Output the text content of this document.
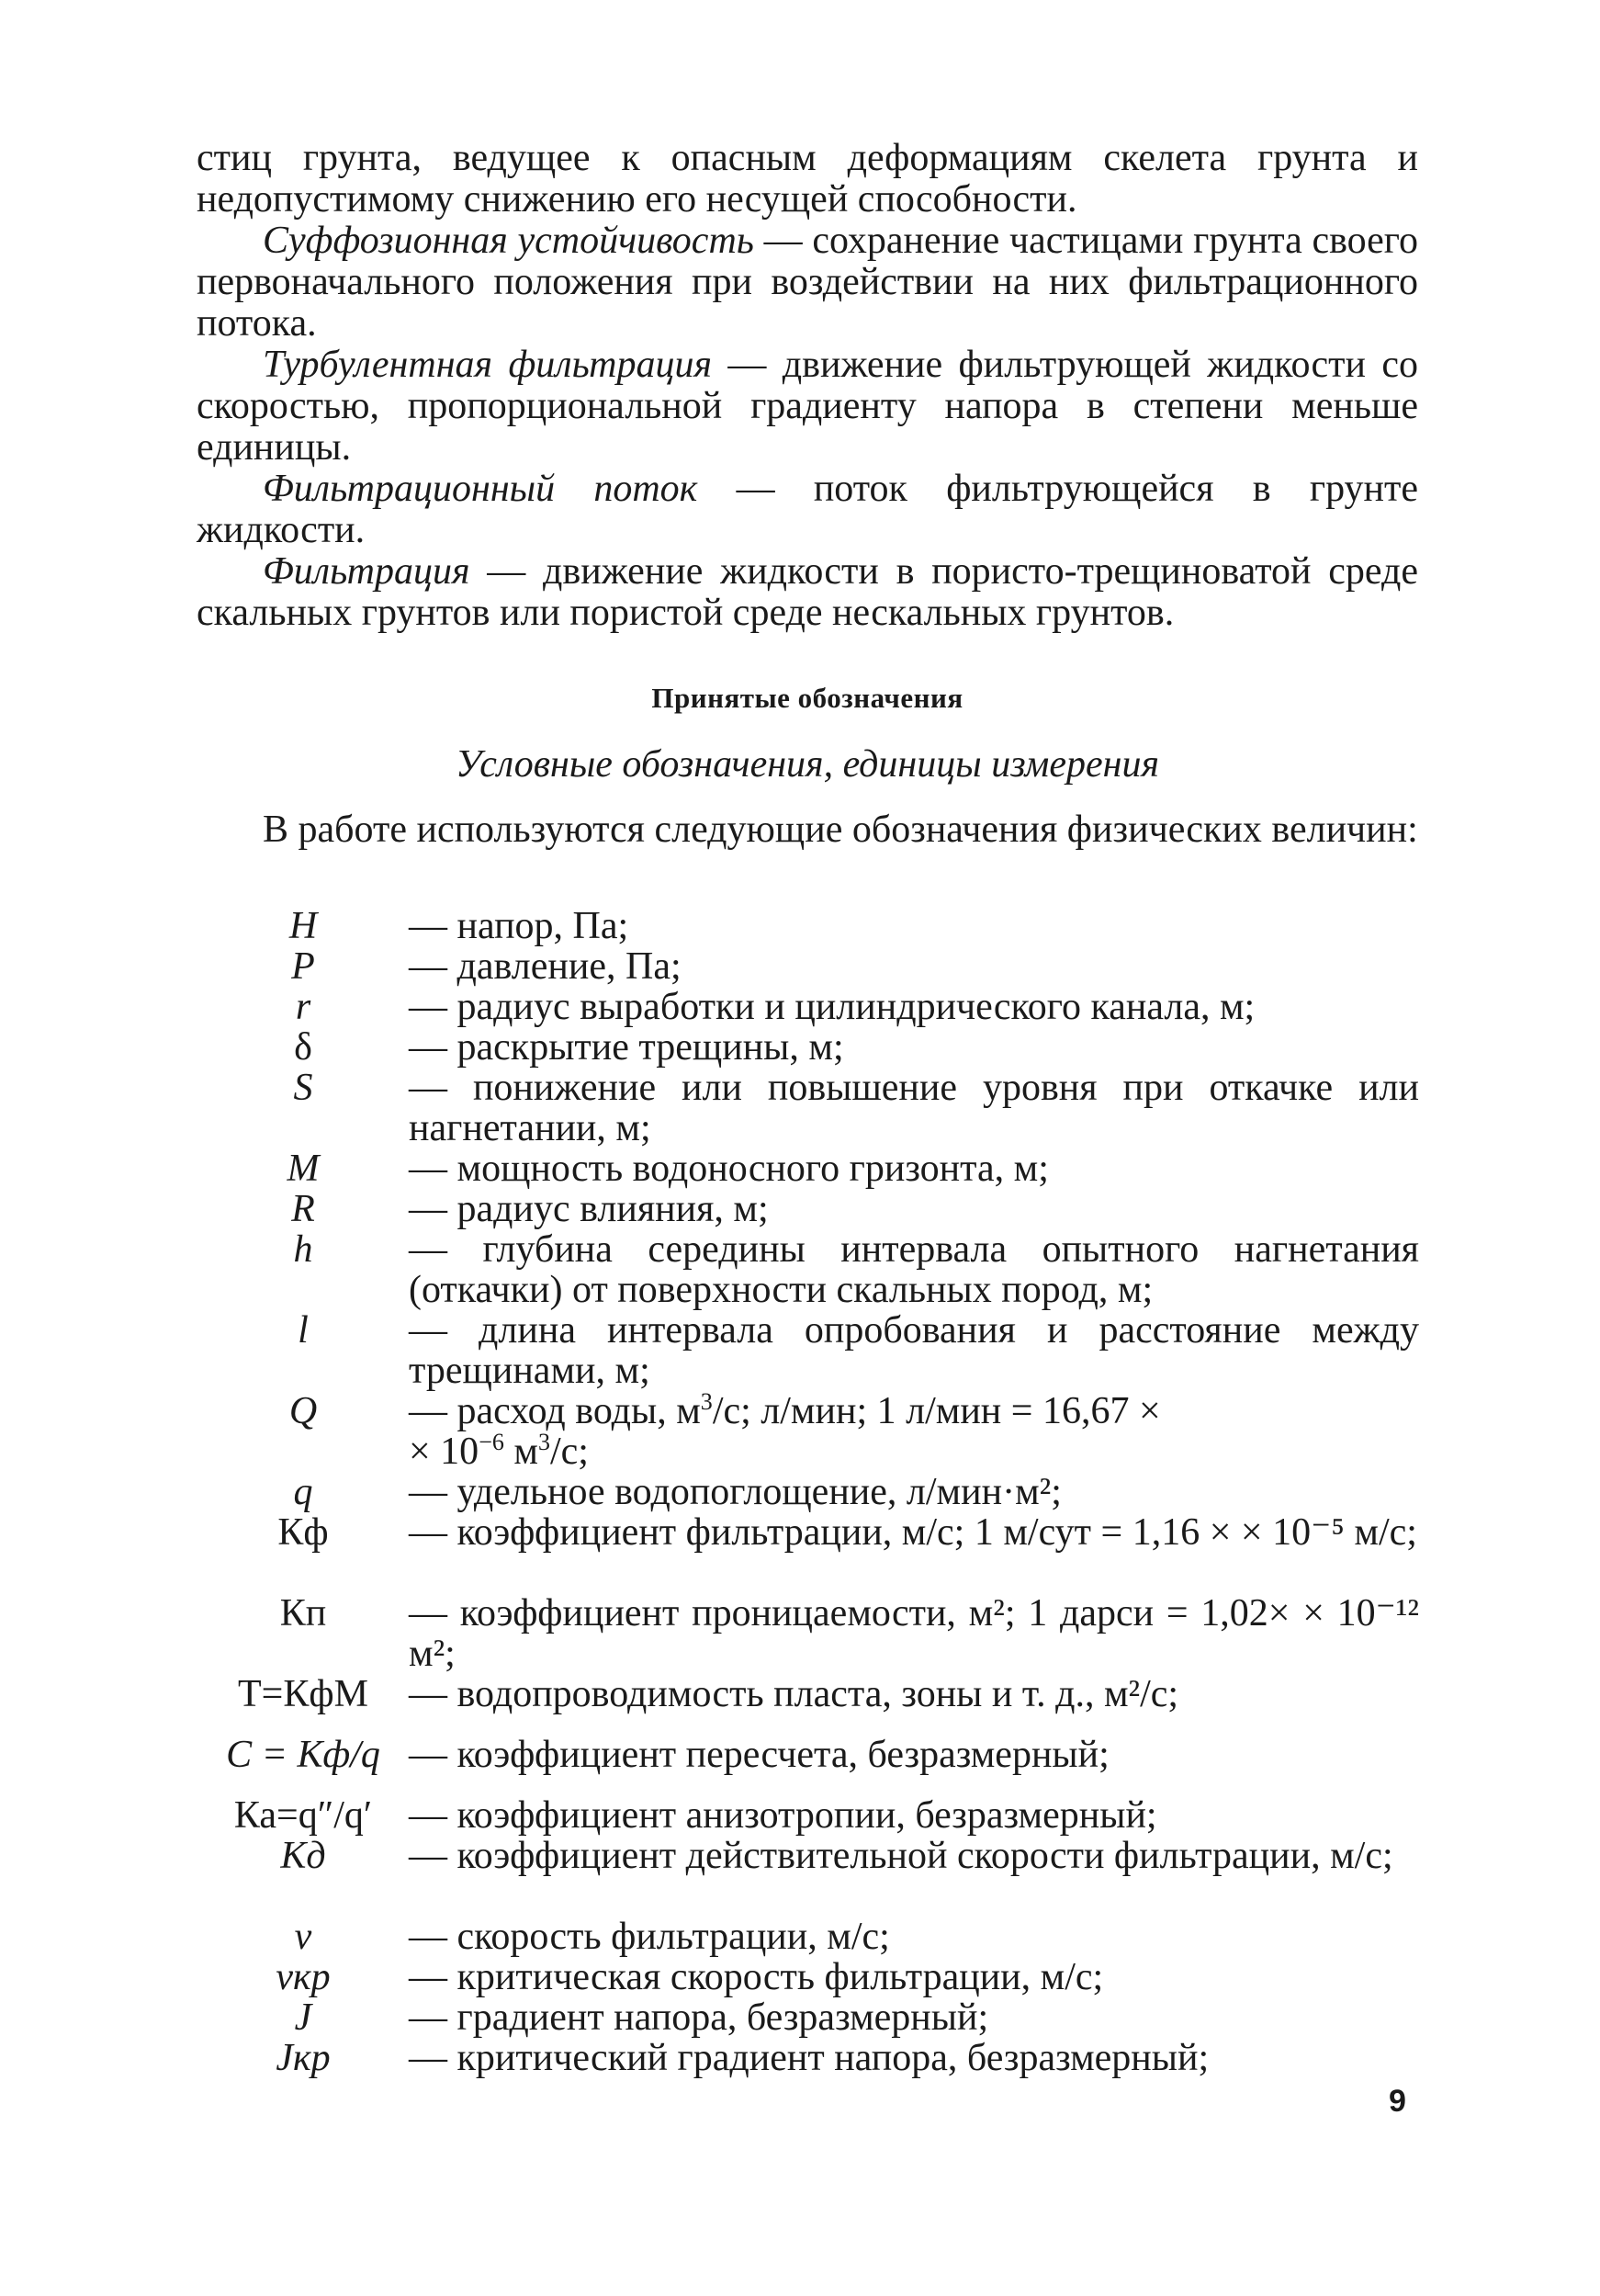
стиц грунта, ведущее к опасным деформациям скелета грунта и недопустимому снижению его несущей способности.

Суффозионная устойчивость — сохранение частицами грунта своего первоначального положения при воздействии на них фильтрационного потока.

Турбулентная фильтрация — движение фильтрующей жидкости со скоростью, пропорциональной градиенту напора в степени меньше единицы.

Фильтрационный поток — поток фильтрующейся в грунте жидкости.

Фильтрация — движение жидкости в пористо-трещиноватой среде скальных грунтов или пористой среде нескальных грунтов.

Принятые обозначения
Условные обозначения, единицы измерения

В работе используются следующие обозначения физических величин:

H	— напор, Па;
P	— давление, Па;
r	— радиус выработки и цилиндрического канала, м;
δ	— раскрытие трещины, м;
S	— понижение или повышение уровня при откачке или нагнетании, м;
M	— мощность водоносного гризонта, м;
R	— радиус влияния, м;
h	— глубина середины интервала опытного нагнетания (откачки) от поверхности скальных пород, м;
l	— длина интервала опробования и расстояние между трещинами, м;
Q	— расход воды, $м^3/с$; л/мин; 1 л/мин = 16,67 ×
× $10^{-6}$ $м^3/с$;
q	— удельное водопоглощение, л/мин·м²;
Кф	— коэффициент фильтрации, м/с; 1 м/сут = 1,16 × × 10⁻⁵ м/с;
Кп	— коэффициент проницаемости, м²; 1 дарси = 1,02× × 10⁻¹² м²;
T=КфM	— водопроводимость пласта, зоны и т. д., м²/с;
C = Кф/q — коэффициент пересчета, безразмерный;
Ка=q″/q′ — коэффициент анизотропии, безразмерный;
Кд	— коэффициент действительной скорости фильтрации, м/с;
v	— скорость фильтрации, м/с;
vкр	— критическая скорость фильтрации, м/с;
J	— градиент напора, безразмерный;
Jкр	— критический градиент напора, безразмерный;
9
